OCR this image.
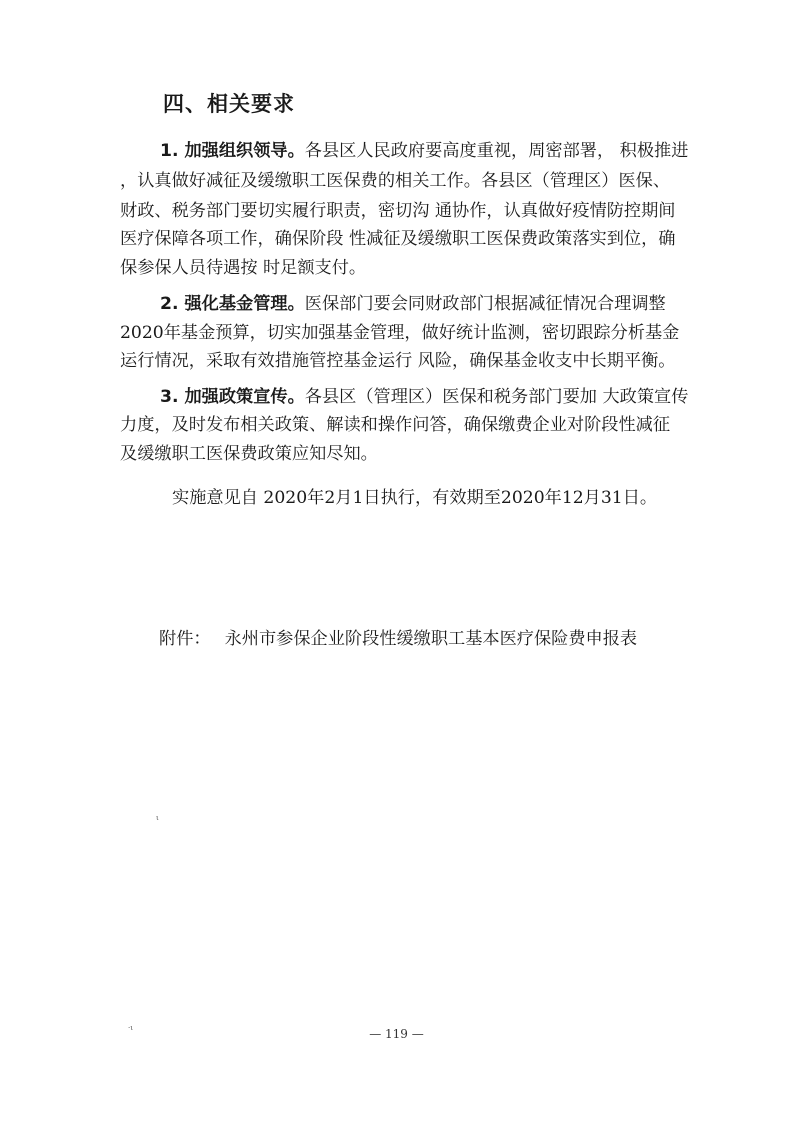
四、相关要求
1. 加强组织领导。各县区人民政府要高度重视，周密部署， 积极推进
，认真做好减征及缓缴职工医保费的相关工作。各县区（管理区）医保、
财政、税务部门要切实履行职责，密切沟 通协作，认真做好疫情防控期间
医疗保障各项工作，确保阶段 性减征及缓缴职工医保费政策落实到位，确
保参保人员待遇按 时足额支付。
2. 强化基金管理。医保部门要会同财政部门根据减征情况合理调整
2020年基金预算，切实加强基金管理，做好统计监测，密切跟踪分析基金
运行情况，采取有效措施管控基金运行 风险，确保基金收支中长期平衡。
3. 加强政策宣传。各县区（管理区）医保和税务部门要加 大政策宣传
力度，及时发布相关政策、解读和操作问答，确保缴费企业对阶段性减征
及缓缴职工医保费政策应知尽知。
实施意见自 2020年2月1日执行，有效期至2020年12月31日。
附件： 永州市参保企业阶段性缓缴职工基本医疗保险费申报表
ι
·ι	— 119 —
